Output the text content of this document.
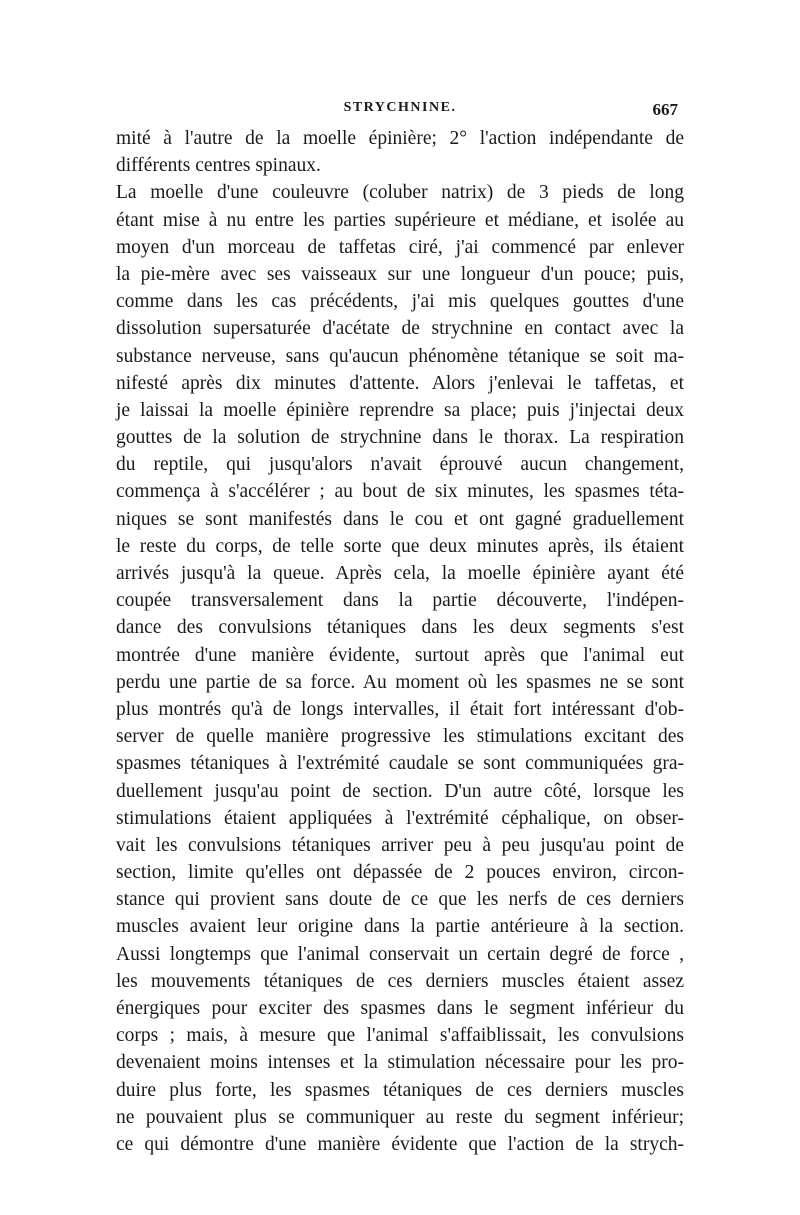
STRYCHNINE.	667
mité à l'autre de la moelle épinière; 2° l'action indépendante de
différents centres spinaux.
La moelle d'une couleuvre (coluber natrix) de 3 pieds de long
étant mise à nu entre les parties supérieure et médiane, et isolée au
moyen d'un morceau de taffetas ciré, j'ai commencé par enlever
la pie-mère avec ses vaisseaux sur une longueur d'un pouce; puis,
comme dans les cas précédents, j'ai mis quelques gouttes d'une
dissolution supersaturée d'acétate de strychnine en contact avec la
substance nerveuse, sans qu'aucun phénomène tétanique se soit ma-
nifesté après dix minutes d'attente. Alors j'enlevai le taffetas, et
je laissai la moelle épinière reprendre sa place; puis j'injectai deux
gouttes de la solution de strychnine dans le thorax. La respiration
du reptile, qui jusqu'alors n'avait éprouvé aucun changement,
commença à s'accélérer ; au bout de six minutes, les spasmes téta-
niques se sont manifestés dans le cou et ont gagné graduellement
le reste du corps, de telle sorte que deux minutes après, ils étaient
arrivés jusqu'à la queue. Après cela, la moelle épinière ayant été
coupée transversalement dans la partie découverte, l'indépen-
dance des convulsions tétaniques dans les deux segments s'est
montrée d'une manière évidente, surtout après que l'animal eut
perdu une partie de sa force. Au moment où les spasmes ne se sont
plus montrés qu'à de longs intervalles, il était fort intéressant d'ob-
server de quelle manière progressive les stimulations excitant des
spasmes tétaniques à l'extrémité caudale se sont communiquées gra-
duellement jusqu'au point de section. D'un autre côté, lorsque les
stimulations étaient appliquées à l'extrémité céphalique, on obser-
vait les convulsions tétaniques arriver peu à peu jusqu'au point de
section, limite qu'elles ont dépassée de 2 pouces environ, circon-
stance qui provient sans doute de ce que les nerfs de ces derniers
muscles avaient leur origine dans la partie antérieure à la section.
Aussi longtemps que l'animal conservait un certain degré de force ,
les mouvements tétaniques de ces derniers muscles étaient assez
énergiques pour exciter des spasmes dans le segment inférieur du
corps ; mais, à mesure que l'animal s'affaiblissait, les convulsions
devenaient moins intenses et la stimulation nécessaire pour les pro-
duire plus forte, les spasmes tétaniques de ces derniers muscles
ne pouvaient plus se communiquer au reste du segment inférieur;
ce qui démontre d'une manière évidente que l'action de la strych-
